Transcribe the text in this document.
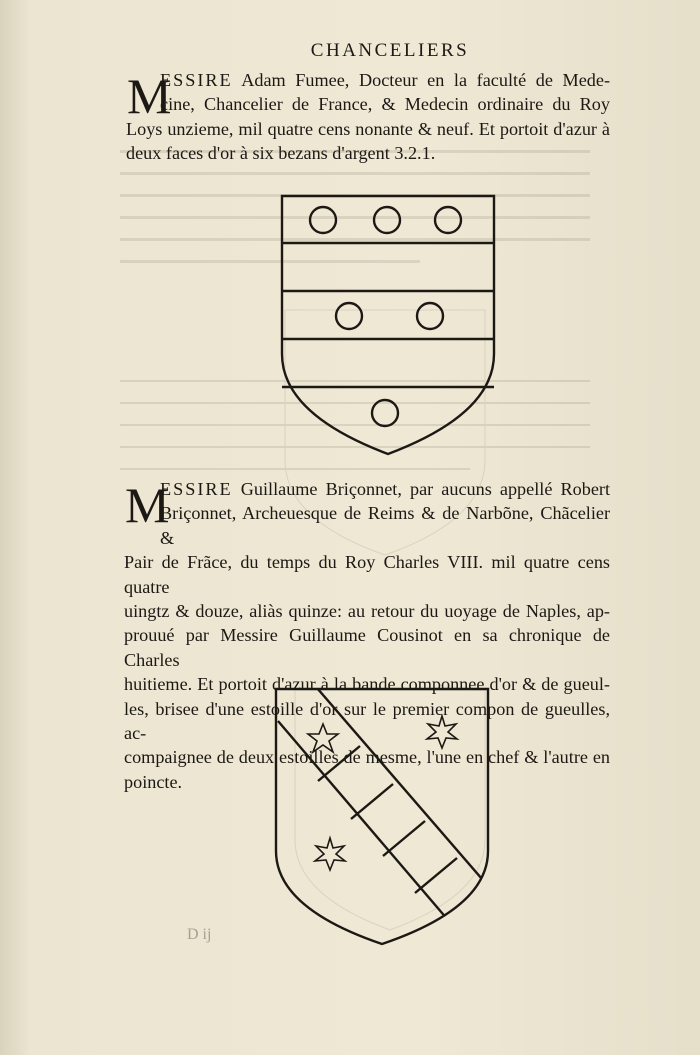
CHANCELIERS
M
ESSIRE Adam Fumee, Docteur en la faculté de Mede-
cine, Chancelier de France, & Medecin ordinaire du Roy
Loys unzieme, mil quatre cens nonante & neuf. Et portoit d'azur à
deux faces d'or à six bezans d'argent 3.2.1.
M
ESSIRE Guillaume Briçonnet, par aucuns appellé Robert
Briçonnet, Archeuesque de Reims & de Narbõne, Chãcelier &
Pair de Frãce, du temps du Roy Charles VIII. mil quatre cens quatre
uingtz & douze, aliàs quinze: au retour du uoyage de Naples, ap-
prouué par Messire Guillaume Cousinot en sa chronique de Charles
huitieme. Et portoit d'azur à la bande componnee d'or & de gueul-
les, brisee d'une estoille d'or sur le premier compon de gueulles, ac-
compaignee de deux estoilles de mesme, l'une en chef & l'autre en
poincte.
D ij
